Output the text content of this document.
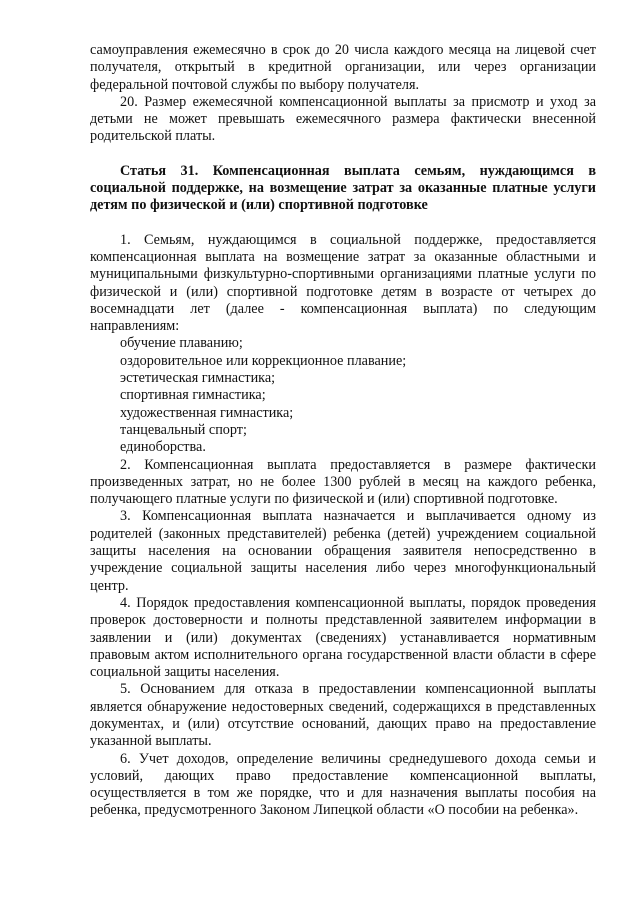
самоуправления ежемесячно в срок до 20 числа каждого месяца на лицевой счет получателя, открытый в кредитной организации, или через организации федеральной почтовой службы по выбору получателя.

20. Размер ежемесячной компенсационной выплаты за присмотр и уход за детьми не может превышать ежемесячного размера фактически внесенной родительской платы.

Статья 31. Компенсационная выплата семьям, нуждающимся в социальной поддержке, на возмещение затрат за оказанные платные услуги детям по физической и (или) спортивной подготовке

1. Семьям, нуждающимся в социальной поддержке, предоставляется компенсационная выплата на возмещение затрат за оказанные областными и муниципальными физкультурно-спортивными организациями платные услуги по физической и (или) спортивной подготовке детям в возрасте от четырех до восемнадцати лет (далее - компенсационная выплата) по следующим направлениям:

обучение плаванию;

оздоровительное или коррекционное плавание;

эстетическая гимнастика;

спортивная гимнастика;

художественная гимнастика;

танцевальный спорт;

единоборства.

2. Компенсационная выплата предоставляется в размере фактически произведенных затрат, но не более 1300 рублей в месяц на каждого ребенка, получающего платные услуги по физической и (или) спортивной подготовке.

3. Компенсационная выплата назначается и выплачивается одному из родителей (законных представителей) ребенка (детей) учреждением социальной защиты населения на основании обращения заявителя непосредственно в учреждение социальной защиты населения либо через многофункциональный центр.

4. Порядок предоставления компенсационной выплаты, порядок проведения проверок достоверности и полноты представленной заявителем информации в заявлении и (или) документах (сведениях) устанавливается нормативным правовым актом исполнительного органа государственной власти области в сфере социальной защиты населения.

5. Основанием для отказа в предоставлении компенсационной выплаты является обнаружение недостоверных сведений, содержащихся в представленных документах, и (или) отсутствие оснований, дающих право на предоставление указанной выплаты.

6. Учет доходов, определение величины среднедушевого дохода семьи и условий, дающих право предоставление компенсационной выплаты, осуществляется в том же порядке, что и для назначения выплаты пособия на ребенка, предусмотренного Законом Липецкой области «О пособии на ребенка».
